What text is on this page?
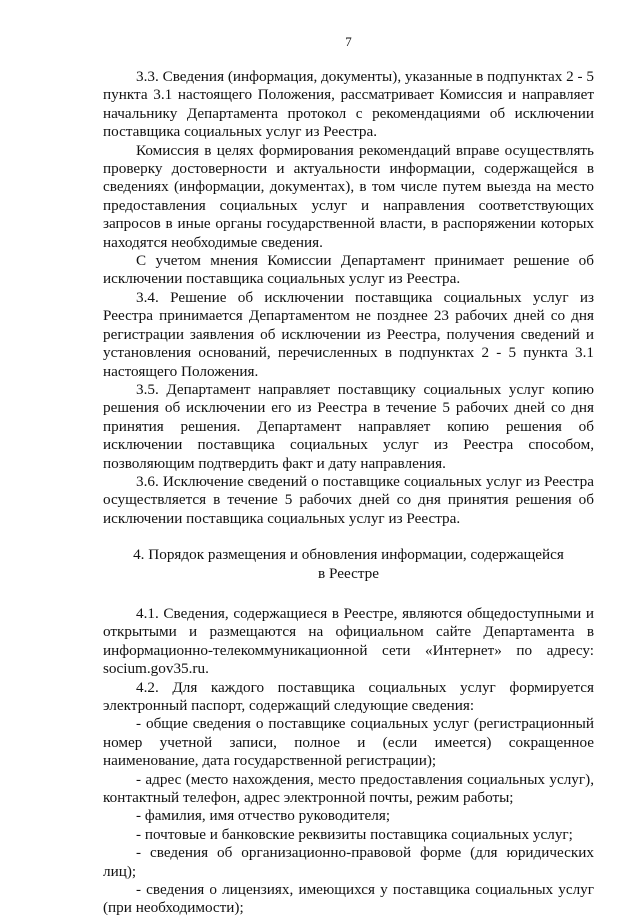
7

3.3. Сведения (информация, документы), указанные в подпунктах 2 - 5 пункта 3.1 настоящего Положения, рассматривает Комиссия и направляет начальнику Департамента протокол с рекомендациями об исключении поставщика социальных услуг из Реестра.

Комиссия в целях формирования рекомендаций вправе осуществлять проверку достоверности и актуальности информации, содержащейся в сведениях (информации, документах), в том числе путем выезда на место предоставления социальных услуг и направления соответствующих запросов в иные органы государственной власти, в распоряжении которых находятся необходимые сведения.

С учетом мнения Комиссии Департамент принимает решение об исключении поставщика социальных услуг из Реестра.

3.4. Решение об исключении поставщика социальных услуг из Реестра принимается Департаментом не позднее 23 рабочих дней со дня регистрации заявления об исключении из Реестра, получения сведений и установления оснований, перечисленных в подпунктах 2 - 5 пункта 3.1 настоящего Положения.

3.5. Департамент направляет поставщику социальных услуг копию решения об исключении его из Реестра в течение 5 рабочих дней со дня принятия решения. Департамент направляет копию решения об исключении поставщика социальных услуг из Реестра способом, позволяющим подтвердить факт и дату направления.

3.6. Исключение сведений о поставщике социальных услуг из Реестра осуществляется в течение 5 рабочих дней со дня принятия решения об исключении поставщика социальных услуг из Реестра.

4. Порядок размещения и обновления информации, содержащейся
в Реестре

4.1. Сведения, содержащиеся в Реестре, являются общедоступными и открытыми и размещаются на официальном сайте Департамента в информационно-телекоммуникационной сети «Интернет» по адресу: socium.gov35.ru.

4.2. Для каждого поставщика социальных услуг формируется электронный паспорт, содержащий следующие сведения:

- общие сведения о поставщике социальных услуг (регистрационный номер учетной записи, полное и (если имеется) сокращенное наименование, дата государственной регистрации);

- адрес (место нахождения, место предоставления социальных услуг), контактный телефон, адрес электронной почты, режим работы;

- фамилия, имя отчество руководителя;

- почтовые и банковские реквизиты поставщика социальных услуг;

- сведения об организационно-правовой форме (для юридических лиц);

- сведения о лицензиях, имеющихся у поставщика социальных услуг (при необходимости);
